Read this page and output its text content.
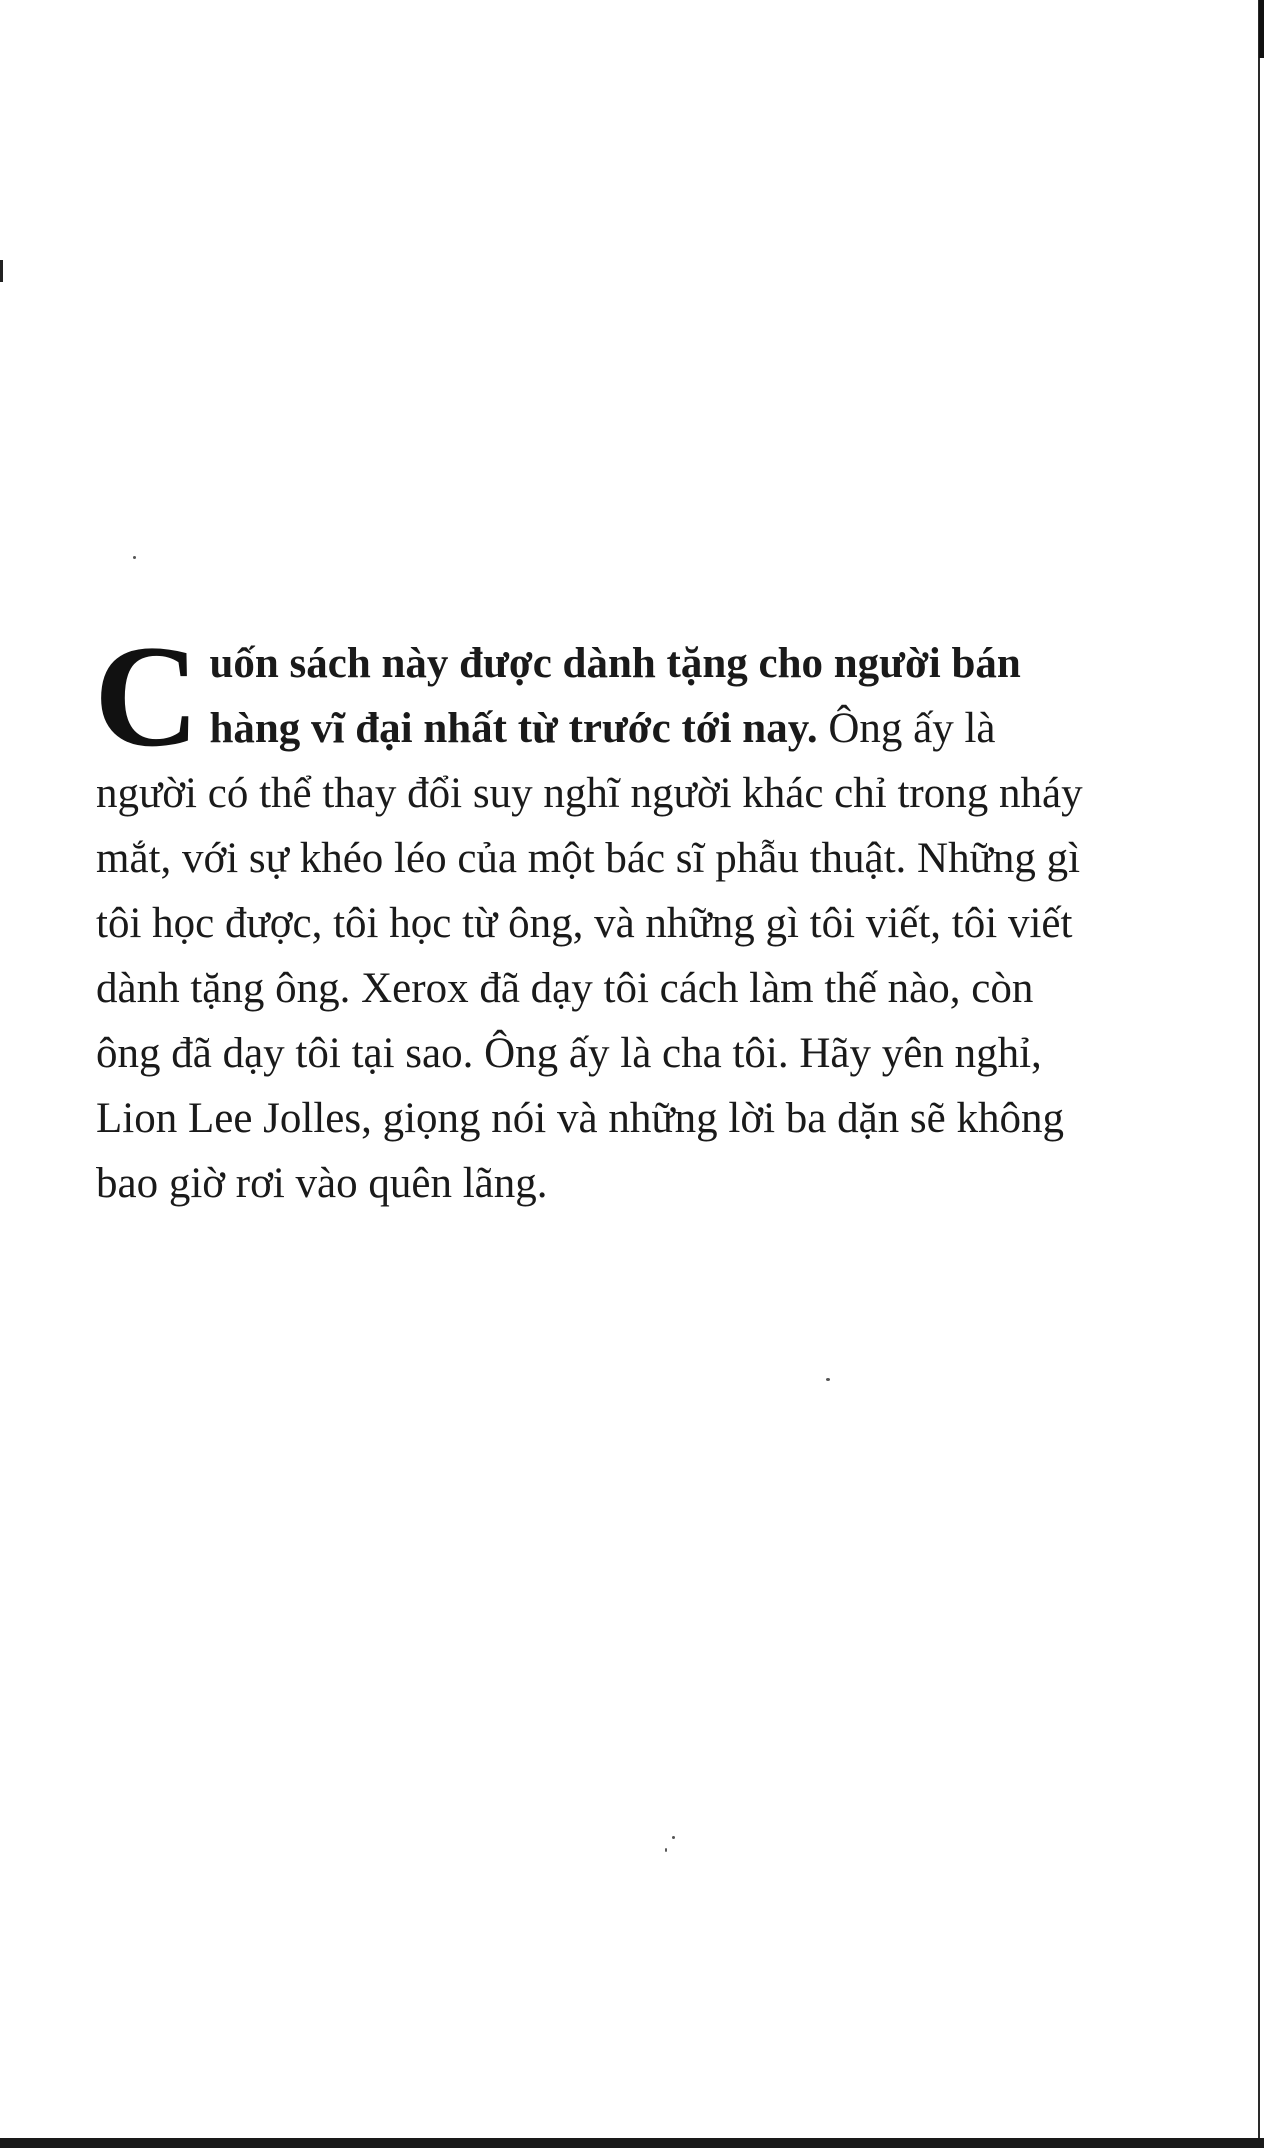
Cuốn sách này được dành tặng cho người bán hàng vĩ đại nhất từ trước tới nay. Ông ấy là người có thể thay đổi suy nghĩ người khác chỉ trong nháy mắt, với sự khéo léo của một bác sĩ phẫu thuật. Những gì tôi học được, tôi học từ ông, và những gì tôi viết, tôi viết dành tặng ông. Xerox đã dạy tôi cách làm thế nào, còn ông đã dạy tôi tại sao. Ông ấy là cha tôi. Hãy yên nghỉ, Lion Lee Jolles, giọng nói và những lời ba dặn sẽ không bao giờ rơi vào quên lãng.
